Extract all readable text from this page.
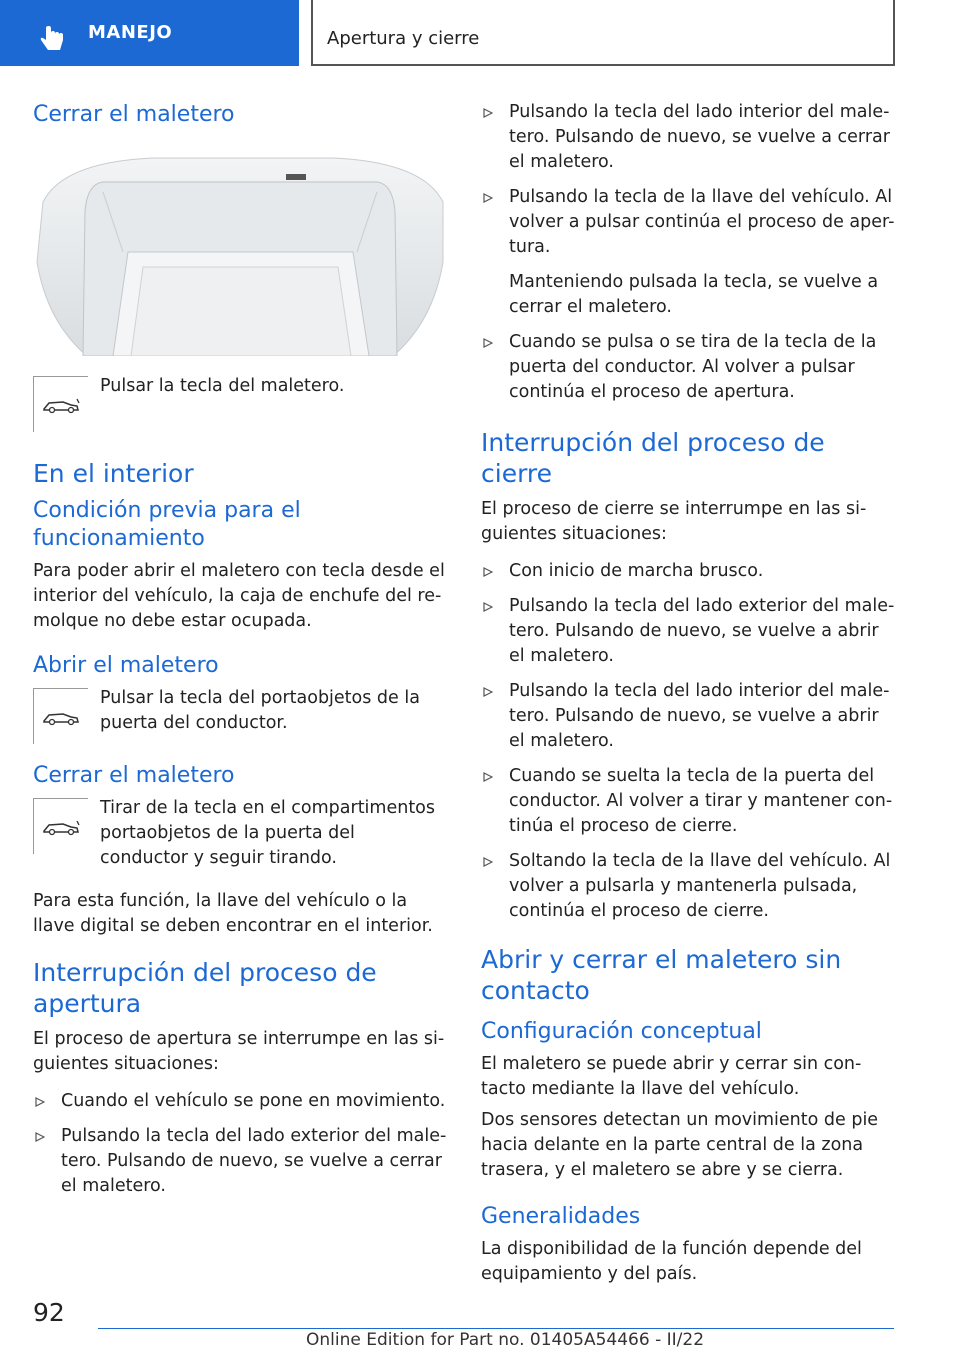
MANEJO	Apertura y cierre
Cerrar el maletero
Pulsar la tecla del maletero.
En el interior
Condición previa para el funcionamiento

Para poder abrir el maletero con tecla desde el interior del vehículo, la caja de enchufe del re-molque no debe estar ocupada.

Abrir el maletero
Pulsar la tecla del portaobjetos de la puerta del conductor.
Cerrar el maletero
Tirar de la tecla en el compartimentos portaobjetos de la puerta del conductor y seguir tirando.

Para esta función, la llave del vehículo o la llave digital se deben encontrar en el interior.

Interrupción del proceso de apertura

El proceso de apertura se interrumpe en las si-guientes situaciones:

Cuando el vehículo se pone en movimiento.
Pulsando la tecla del lado exterior del male-tero. Pulsando de nuevo, se vuelve a cerrar el maletero.
Pulsando la tecla del lado interior del male-tero. Pulsando de nuevo, se vuelve a cerrar el maletero.
Pulsando la tecla de la llave del vehículo. Al volver a pulsar continúa el proceso de aper-tura.
Manteniendo pulsada la tecla, se vuelve a cerrar el maletero.
Cuando se pulsa o se tira de la tecla de la puerta del conductor. Al volver a pulsar continúa el proceso de apertura.
Interrupción del proceso de cierre

El proceso de cierre se interrumpe en las si-guientes situaciones:

Con inicio de marcha brusco.
Pulsando la tecla del lado exterior del male-tero. Pulsando de nuevo, se vuelve a abrir el maletero.
Pulsando la tecla del lado interior del male-tero. Pulsando de nuevo, se vuelve a abrir el maletero.
Cuando se suelta la tecla de la puerta del conductor. Al volver a tirar y mantener con-tinúa el proceso de cierre.
Soltando la tecla de la llave del vehículo. Al volver a pulsarla y mantenerla pulsada, continúa el proceso de cierre.
Abrir y cerrar el maletero sin contacto
Configuración conceptual

El maletero se puede abrir y cerrar sin con-tacto mediante la llave del vehículo.

Dos sensores detectan un movimiento de pie hacia delante en la parte central de la zona trasera, y el maletero se abre y se cierra.

Generalidades

La disponibilidad de la función depende del equipamiento y del país.

92
Online Edition for Part no. 01405A54466 - II/22
